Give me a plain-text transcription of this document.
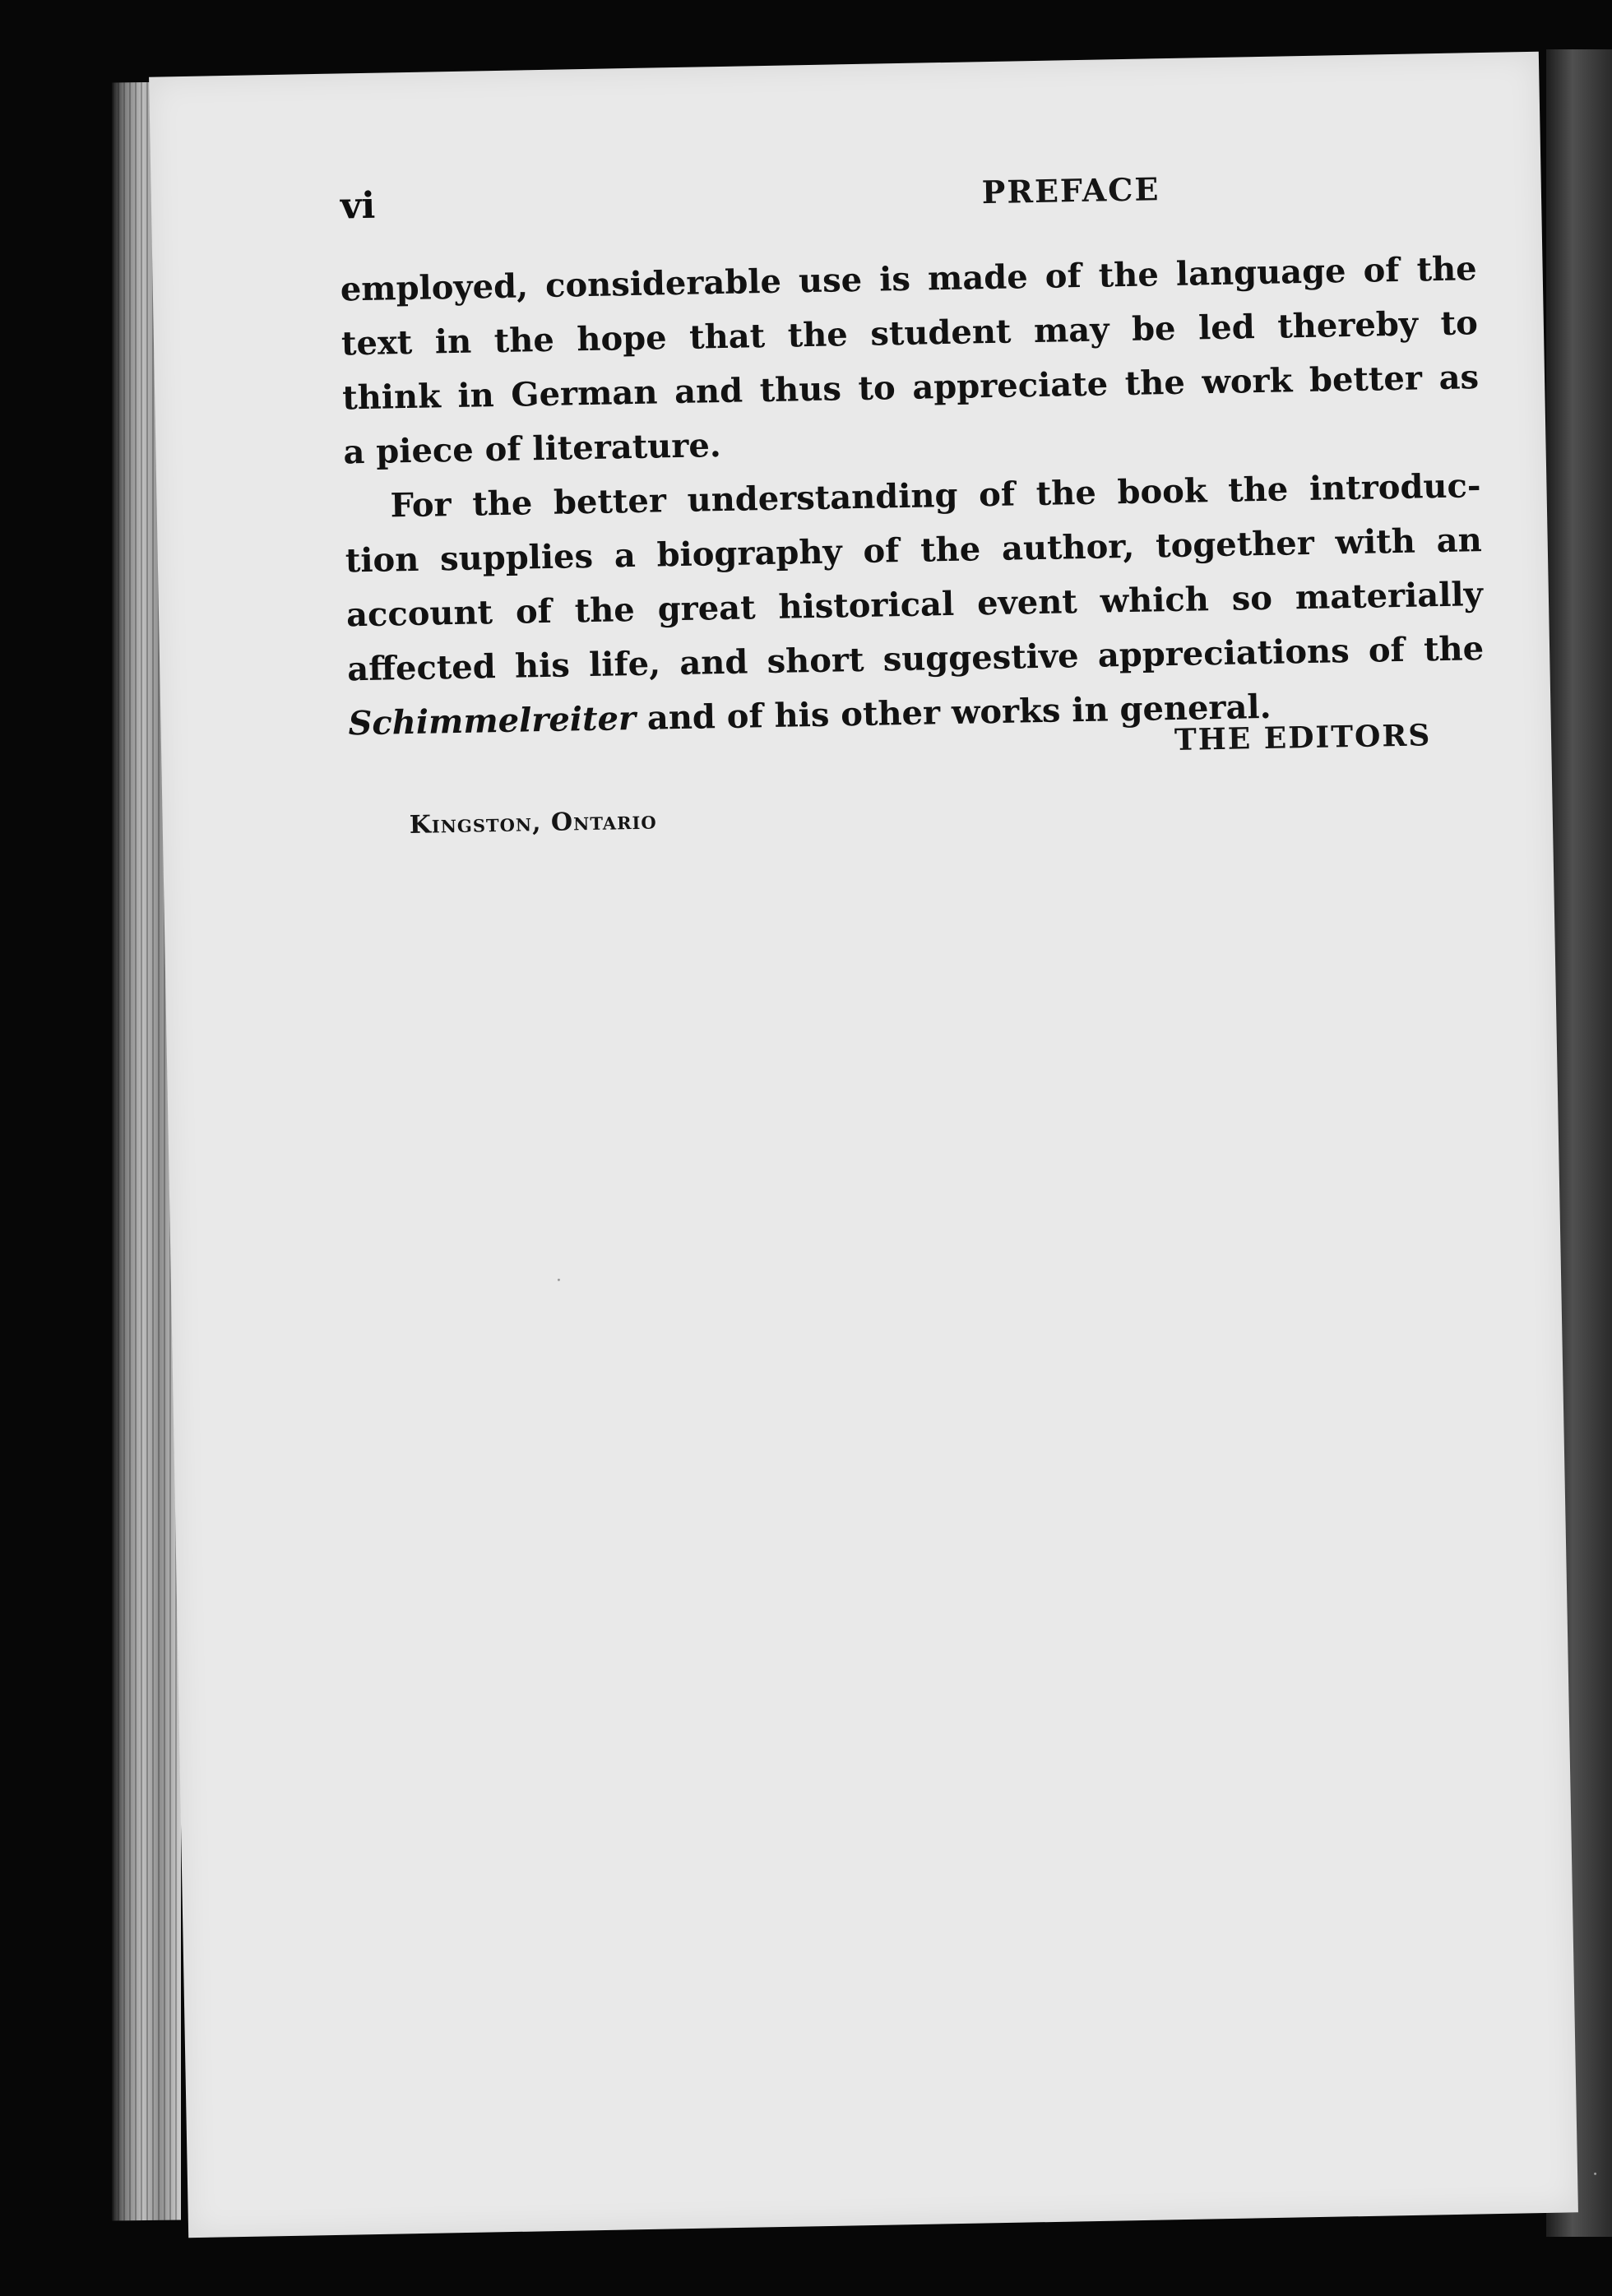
vi	PREFACE

employed, considerable use is made of the language of the
text in the hope that the student may be led thereby to
think in German and thus to appreciate the work better as
a piece of literature.

For the better understanding of the book the introduc-
tion supplies a biography of the author, together with an
account of the great historical event which so materially
affected his life, and short suggestive appreciations of the
Schimmelreiter and of his other works in general.

THE EDITORS
Kingston, Ontario
